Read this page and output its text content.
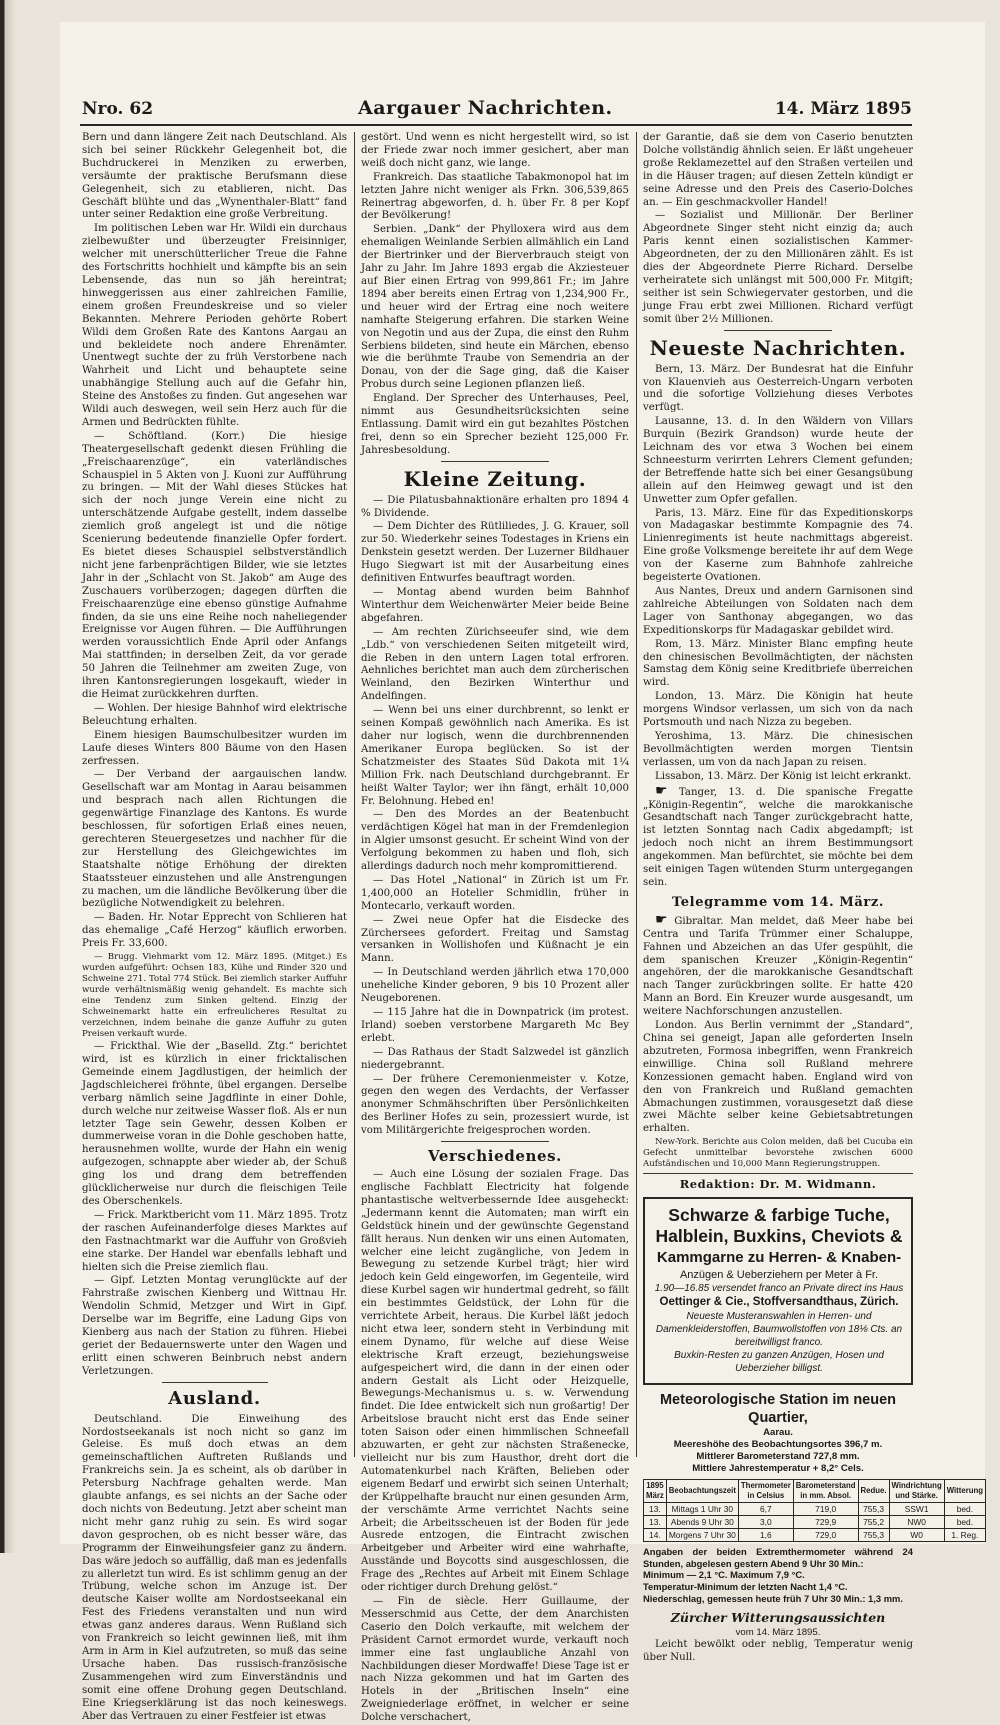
Nro. 62	Aargauer Nachrichten.	14. März 1895

Bern und dann längere Zeit nach Deutschland. Als sich bei seiner Rückkehr Gelegenheit bot, die Buchdruckerei in Menziken zu erwerben, versäumte der praktische Berufsmann diese Gelegenheit, sich zu etablieren, nicht. Das Geschäft blühte und das „Wynenthaler-Blatt“ fand unter seiner Redaktion eine große Verbreitung.

Im politischen Leben war Hr. Wildi ein durchaus zielbewußter und überzeugter Freisinniger, welcher mit unerschütterlicher Treue die Fahne des Fortschritts hochhielt und kämpfte bis an sein Lebensende, das nun so jäh hereintrat; hinweggerissen aus einer zahlreichen Familie, einem großen Freundeskreise und so vieler Bekannten. Mehrere Perioden gehörte Robert Wildi dem Großen Rate des Kantons Aargau an und bekleidete noch andere Ehrenämter. Unentwegt suchte der zu früh Verstorbene nach Wahrheit und Licht und behauptete seine unabhängige Stellung auch auf die Gefahr hin, Steine des Anstoßes zu finden. Gut angesehen war Wildi auch deswegen, weil sein Herz auch für die Armen und Bedrückten fühlte.

— Schöftland. (Korr.) Die hiesige Theatergesellschaft gedenkt diesen Frühling die „Freischaarenzüge“, ein vaterländisches Schauspiel in 5 Akten von J. Kuoni zur Aufführung zu bringen. — Mit der Wahl dieses Stückes hat sich der noch junge Verein eine nicht zu unterschätzende Aufgabe gestellt, indem dasselbe ziemlich groß angelegt ist und die nötige Scenierung bedeutende finanzielle Opfer fordert. Es bietet dieses Schauspiel selbstverständlich nicht jene farbenprächtigen Bilder, wie sie letztes Jahr in der „Schlacht von St. Jakob“ am Auge des Zuschauers vorüberzogen; dagegen dürften die Freischaarenzüge eine ebenso günstige Aufnahme finden, da sie uns eine Reihe noch naheliegender Ereignisse vor Augen führen. — Die Aufführungen werden voraussichtlich Ende April oder Anfangs Mai stattfinden; in derselben Zeit, da vor gerade 50 Jahren die Teilnehmer am zweiten Zuge, von ihren Kantonsregierungen losgekauft, wieder in die Heimat zurückkehren durften.

— Wohlen. Der hiesige Bahnhof wird elektrische Beleuchtung erhalten.

Einem hiesigen Baumschulbesitzer wurden im Laufe dieses Winters 800 Bäume von den Hasen zerfressen.

— Der Verband der aargauischen landw. Gesellschaft war am Montag in Aarau beisammen und besprach nach allen Richtungen die gegenwärtige Finanzlage des Kantons. Es wurde beschlossen, für sofortigen Erlaß eines neuen, gerechteren Steuergesetzes und nachher für die zur Herstellung des Gleichgewichtes im Staatshalte nötige Erhöhung der direkten Staatssteuer einzustehen und alle Anstrengungen zu machen, um die ländliche Bevölkerung über die bezügliche Notwendigkeit zu belehren.

— Baden. Hr. Notar Epprecht von Schlieren hat das ehemalige „Café Herzog“ käuflich erworben. Preis Fr. 33,600.

— Brugg. Viehmarkt vom 12. März 1895. (Mitget.) Es wurden aufgeführt: Ochsen 183, Kühe und Rinder 320 und Schweine 271. Total 774 Stück. Bei ziemlich starker Auffuhr wurde verhältnismäßig wenig gehandelt. Es machte sich eine Tendenz zum Sinken geltend. Einzig der Schweinemarkt hatte ein erfreulicheres Resultat zu verzeichnen, indem beinahe die ganze Auffuhr zu guten Preisen verkauft wurde.

— Frickthal. Wie der „Baselld. Ztg.“ berichtet wird, ist es kürzlich in einer fricktalischen Gemeinde einem Jagdlustigen, der heimlich der Jagdschleicherei fröhnte, übel ergangen. Derselbe verbarg nämlich seine Jagdflinte in einer Dohle, durch welche nur zeitweise Wasser floß. Als er nun letzter Tage sein Gewehr, dessen Kolben er dummerweise voran in die Dohle geschoben hatte, herausnehmen wollte, wurde der Hahn ein wenig aufgezogen, schnappte aber wieder ab, der Schuß ging los und drang dem betreffenden glücklicherweise nur durch die fleischigen Teile des Oberschenkels.

— Frick. Marktbericht vom 11. März 1895. Trotz der raschen Aufeinanderfolge dieses Marktes auf den Fastnachtmarkt war die Auffuhr von Großvieh eine starke. Der Handel war ebenfalls lebhaft und hielten sich die Preise ziemlich flau.

— Gipf. Letzten Montag verunglückte auf der Fahrstraße zwischen Kienberg und Wittnau Hr. Wendolin Schmid, Metzger und Wirt in Gipf. Derselbe war im Begriffe, eine Ladung Gips von Kienberg aus nach der Station zu führen. Hiebei geriet der Bedauernswerte unter den Wagen und erlitt einen schweren Beinbruch nebst andern Verletzungen.

Ausland.

Deutschland. Die Einweihung des Nordostseekanals ist noch nicht so ganz im Geleise. Es muß doch etwas an dem gemeinschaftlichen Auftreten Rußlands und Frankreichs sein. Ja es scheint, als ob darüber in Petersburg Nachfrage gehalten werde. Man glaubte anfangs, es sei nichts an der Sache oder doch nichts von Bedeutung. Jetzt aber scheint man nicht mehr ganz ruhig zu sein. Es wird sogar davon gesprochen, ob es nicht besser wäre, das Programm der Einweihungsfeier ganz zu ändern. Das wäre jedoch so auffällig, daß man es jedenfalls zu allerletzt tun wird. Es ist schlimm genug an der Trübung, welche schon im Anzuge ist. Der deutsche Kaiser wollte am Nordostseekanal ein Fest des Friedens veranstalten und nun wird etwas ganz anderes daraus. Wenn Rußland sich von Frankreich so leicht gewinnen ließ, mit ihm Arm in Arm in Kiel aufzutreten, so muß das seine Ursache haben. Das russisch-französische Zusammengehen wird zum Einverständnis und somit eine offene Drohung gegen Deutschland. Eine Kriegserklärung ist das noch keineswegs. Aber das Vertrauen zu einer Festfeier ist etwas

gestört. Und wenn es nicht hergestellt wird, so ist der Friede zwar noch immer gesichert, aber man weiß doch nicht ganz, wie lange.

Frankreich. Das staatliche Tabakmonopol hat im letzten Jahre nicht weniger als Frkn. 306,539,865 Reinertrag abgeworfen, d. h. über Fr. 8 per Kopf der Bevölkerung!

Serbien. „Dank“ der Phylloxera wird aus dem ehemaligen Weinlande Serbien allmählich ein Land der Biertrinker und der Bierverbrauch steigt von Jahr zu Jahr. Im Jahre 1893 ergab die Akziesteuer auf Bier einen Ertrag von 999,861 Fr.; im Jahre 1894 aber bereits einen Ertrag von 1,234,900 Fr., und heuer wird der Ertrag eine noch weitere namhafte Steigerung erfahren. Die starken Weine von Negotin und aus der Zupa, die einst den Ruhm Serbiens bildeten, sind heute ein Märchen, ebenso wie die berühmte Traube von Semendria an der Donau, von der die Sage ging, daß die Kaiser Probus durch seine Legionen pflanzen ließ.

England. Der Sprecher des Unterhauses, Peel, nimmt aus Gesundheitsrücksichten seine Entlassung. Damit wird ein gut bezahltes Pöstchen frei, denn so ein Sprecher bezieht 125,000 Fr. Jahresbesoldung.

Kleine Zeitung.

— Die Pilatusbahnaktionäre erhalten pro 1894 4 % Dividende.

— Dem Dichter des Rütliliedes, J. G. Krauer, soll zur 50. Wiederkehr seines Todestages in Kriens ein Denkstein gesetzt werden. Der Luzerner Bildhauer Hugo Siegwart ist mit der Ausarbeitung eines definitiven Entwurfes beauftragt worden.

— Montag abend wurden beim Bahnhof Winterthur dem Weichenwärter Meier beide Beine abgefahren.

— Am rechten Zürichseeufer sind, wie dem „Ldb.“ von verschiedenen Seiten mitgeteilt wird, die Reben in den untern Lagen total erfroren. Aehnliches berichtet man auch dem zürcherischen Weinland, den Bezirken Winterthur und Andelfingen.

— Wenn bei uns einer durchbrennt, so lenkt er seinen Kompaß gewöhnlich nach Amerika. Es ist daher nur logisch, wenn die durchbrennenden Amerikaner Europa beglücken. So ist der Schatzmeister des Staates Süd Dakota mit 1¼ Million Frk. nach Deutschland durchgebrannt. Er heißt Walter Taylor; wer ihn fängt, erhält 10,000 Fr. Belohnung. Hebed en!

— Den des Mordes an der Beatenbucht verdächtigen Kögel hat man in der Fremdenlegion in Algier umsonst gesucht. Er scheint Wind von der Verfolgung bekommen zu haben und floh, sich allerdings dadurch noch mehr kompromittierend.

— Das Hotel „National“ in Zürich ist um Fr. 1,400,000 an Hotelier Schmidlin, früher in Montecarlo, verkauft worden.

— Zwei neue Opfer hat die Eisdecke des Zürchersees gefordert. Freitag und Samstag versanken in Wollishofen und Küßnacht je ein Mann.

— In Deutschland werden jährlich etwa 170,000 uneheliche Kinder geboren, 9 bis 10 Prozent aller Neugeborenen.

— 115 Jahre hat die in Downpatrick (im protest. Irland) soeben verstorbene Margareth Mc Bey erlebt.

— Das Rathaus der Stadt Salzwedel ist gänzlich niedergebrannt.

— Der frühere Ceremonienmeister v. Kotze, gegen den wegen des Verdachts, der Verfasser anonymer Schmähschriften über Persönlichkeiten des Berliner Hofes zu sein, prozessiert wurde, ist vom Militärgerichte freigesprochen worden.

Verschiedenes.

— Auch eine Lösung der sozialen Frage. Das englische Fachblatt Electricity hat folgende phantastische weltverbessernde Idee ausgeheckt: „Jedermann kennt die Automaten; man wirft ein Geldstück hinein und der gewünschte Gegenstand fällt heraus. Nun denken wir uns einen Automaten, welcher eine leicht zugängliche, von Jedem in Bewegung zu setzende Kurbel trägt; hier wird jedoch kein Geld eingeworfen, im Gegenteile, wird diese Kurbel sagen wir hundertmal gedreht, so fällt ein bestimmtes Geldstück, der Lohn für die verrichtete Arbeit, heraus. Die Kurbel läßt jedoch nicht etwa leer, sondern steht in Verbindung mit einem Dynamo, für welche auf diese Weise elektrische Kraft erzeugt, beziehungsweise aufgespeichert wird, die dann in der einen oder andern Gestalt als Licht oder Heizquelle, Bewegungs-Mechanismus u. s. w. Verwendung findet. Die Idee entwickelt sich nun großartig! Der Arbeitslose braucht nicht erst das Ende seiner toten Saison oder einen himmlischen Schneefall abzuwarten, er geht zur nächsten Straßenecke, vielleicht nur bis zum Hausthor, dreht dort die Automatenkurbel nach Kräften, Belieben oder eigenem Bedarf und erwirbt sich seinen Unterhalt; der Krüppelhafte braucht nur einen gesunden Arm, der verschämte Arme verrichtet Nachts seine Arbeit; die Arbeitsscheuen ist der Boden für jede Ausrede entzogen, die Eintracht zwischen Arbeitgeber und Arbeiter wird eine wahrhafte, Ausstände und Boycotts sind ausgeschlossen, die Frage des „Rechtes auf Arbeit mit Einem Schlage oder richtiger durch Drehung gelöst.“

— Fin de siècle. Herr Guillaume, der Messerschmid aus Cette, der dem Anarchisten Caserio den Dolch verkaufte, mit welchem der Präsident Carnot ermordet wurde, verkauft noch immer eine fast unglaubliche Anzahl von Nachbildungen dieser Mordwaffe! Diese Tage ist er nach Nizza gekommen und hat im Garten des Hotels in der „Britischen Inseln“ eine Zweigniederlage eröffnet, in welcher er seine Dolche verschachert,

der Garantie, daß sie dem von Caserio benutzten Dolche vollständig ähnlich seien. Er läßt ungeheuer große Reklamezettel auf den Straßen verteilen und in die Häuser tragen; auf diesen Zetteln kündigt er seine Adresse und den Preis des Caserio-Dolches an. — Ein geschmackvoller Handel!

— Sozialist und Millionär. Der Berliner Abgeordnete Singer steht nicht einzig da; auch Paris kennt einen sozialistischen Kammer-Abgeordneten, der zu den Millionären zählt. Es ist dies der Abgeordnete Pierre Richard. Derselbe verheiratete sich unlängst mit 500,000 Fr. Mitgift; seither ist sein Schwiegervater gestorben, und die junge Frau erbt zwei Millionen. Richard verfügt somit über 2½ Millionen.

Neueste Nachrichten.

Bern, 13. März. Der Bundesrat hat die Einfuhr von Klauenvieh aus Oesterreich-Ungarn verboten und die sofortige Vollziehung dieses Verbotes verfügt.

Lausanne, 13. d. In den Wäldern von Villars Burquin (Bezirk Grandson) wurde heute der Leichnam des vor etwa 3 Wochen bei einem Schneesturm verirrten Lehrers Clement gefunden; der Betreffende hatte sich bei einer Gesangsübung allein auf den Heimweg gewagt und ist den Unwetter zum Opfer gefallen.

Paris, 13. März. Eine für das Expeditionskorps von Madagaskar bestimmte Kompagnie des 74. Linienregiments ist heute nachmittags abgereist. Eine große Volksmenge bereitete ihr auf dem Wege von der Kaserne zum Bahnhofe zahlreiche begeisterte Ovationen.

Aus Nantes, Dreux und andern Garnisonen sind zahlreiche Abteilungen von Soldaten nach dem Lager von Santhonay abgegangen, wo das Expeditionskorps für Madagaskar gebildet wird.

Rom, 13. März. Minister Blanc empfing heute den chinesischen Bevollmächtigten, der nächsten Samstag dem König seine Kreditbriefe überreichen wird.

London, 13. März. Die Königin hat heute morgens Windsor verlassen, um sich von da nach Portsmouth und nach Nizza zu begeben.

Yeroshima, 13. März. Die chinesischen Bevollmächtigten werden morgen Tientsin verlassen, um von da nach Japan zu reisen.

Lissabon, 13. März. Der König ist leicht erkrankt.

☛ Tanger, 13. d. Die spanische Fregatte „Königin-Regentin“, welche die marokkanische Gesandtschaft nach Tanger zurückgebracht hatte, ist letzten Sonntag nach Cadix abgedampft; ist jedoch noch nicht an ihrem Bestimmungsort angekommen. Man befürchtet, sie möchte bei dem seit einigen Tagen wütenden Sturm untergegangen sein.

Telegramme vom 14. März.

☛ Gibraltar. Man meldet, daß Meer habe bei Centra und Tarifa Trümmer einer Schaluppe, Fahnen und Abzeichen an das Ufer gespühlt, die dem spanischen Kreuzer „Königin-Regentin“ angehören, der die marokkanische Gesandtschaft nach Tanger zurückbringen sollte. Er hatte 420 Mann an Bord. Ein Kreuzer wurde ausgesandt, um weitere Nachforschungen anzustellen.

London. Aus Berlin vernimmt der „Standard“, China sei geneigt, Japan alle geforderten Inseln abzutreten, Formosa inbegriffen, wenn Frankreich einwillige. China soll Rußland mehrere Konzessionen gemacht haben. England wird von den von Frankreich und Rußland gemachten Abmachungen zustimmen, vorausgesetzt daß diese zwei Mächte selber keine Gebietsabtretungen erhalten.

New-York. Berichte aus Colon melden, daß bei Cucuba ein Gefecht unmittelbar bevorstehe zwischen 6000 Aufständischen und 10,000 Mann Regierungstruppen.

Redaktion: Dr. M. Widmann.
Schwarze & farbige Tuche,
Halblein, Buxkins, Cheviots &
Kammgarne zu Herren- & Knaben-
Anzügen & Ueberziehern per Meter à Fr.
1.90—16.85 versendet franco an Private direct ins Haus
Oettinger & Cie., Stoffversandthaus, Zürich.
Neueste Musteranswahlen in Herren- und Damenkleiderstoffen, Baumwollstoffen von 18⅛ Cts. an bereitwilligst franco.
Buxkin-Resten zu ganzen Anzügen, Hosen und Ueberzieher billigst.
Meteorologische Station im neuen Quartier,
Aarau.
Meereshöhe des Beobachtungsortes 396,7 m.
Mittlerer Barometerstand 727,8 mm.
Mittlere Jahrestemperatur + 8,2° Cels.
1895 März	Beobachtungszeit	Thermometer in Celsius	Barometerstand in mm. Absol.	Redue.	Windrichtung und Stärke.	Witterung
13.	Mittags 1 Uhr 30	6,7	719,0	755,3	SSW1	bed.
13.	Abends 9 Uhr 30	3,0	729,9	755,2	NW0	bed.
14.	Morgens 7 Uhr 30	1,6	729,0	755,3	W0	1. Reg.
Angaben der beiden Extremthermometer während 24 Stunden, abgelesen gestern Abend 9 Uhr 30 Min.:
Minimum — 2,1 °C. Maximum 7,9 °C.
Temperatur-Minimum der letzten Nacht 1,4 °C.
Niederschlag, gemessen heute früh 7 Uhr 30 Min.: 1,3 mm.
Zürcher Witterungsaussichten
vom 14. März 1895.

Leicht bewölkt oder neblig, Temperatur wenig über Null.
